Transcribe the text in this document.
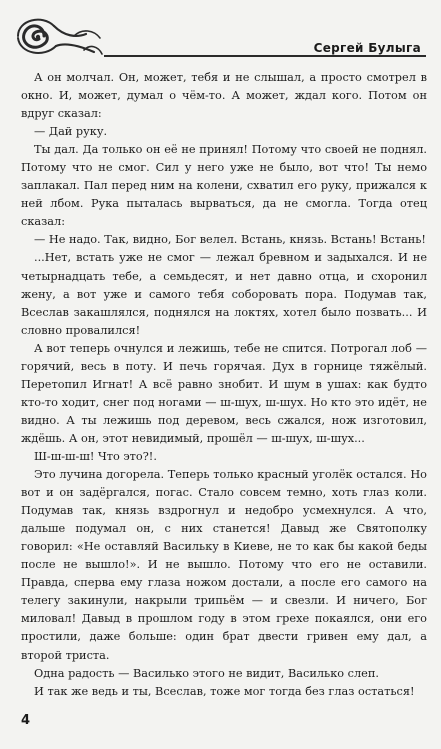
Сергей Булыга

А он молчал. Он, может, тебя и не слышал, а просто смотрел в окно. И, может, думал о чём-то. А может, ждал кого. Потом он вдруг сказал:

— Дай руку.

Ты дал. Да только он её не принял! Потому что своей не поднял. Потому что не смог. Сил у него уже не было, вот что! Ты немо заплакал. Пал перед ним на колени, схватил его руку, прижался к ней лбом. Рука пыталась вырваться, да не смогла. Тогда отец сказал:

— Не надо. Так, видно, Бог велел. Встань, князь. Встань! Встань!

...Нет, встать уже не смог — лежал бревном и задыхался. И не четырнадцать тебе, а семьдесят, и нет давно отца, и схоронил жену, а вот уже и самого тебя соборовать пора. Подумав так, Всеслав закашлялся, поднялся на локтях, хотел было позвать... И словно провалился!

А вот теперь очнулся и лежишь, тебе не спится. Потрогал лоб — горячий, весь в поту. И печь горячая. Дух в горнице тяжёлый. Перетопил Игнат! А всё равно знобит. И шум в ушах: как будто кто-то ходит, снег под ногами — ш-шух, ш-шух. Но кто это идёт, не видно. А ты лежишь под деревом, весь сжался, нож изготовил, ждёшь. А он, этот невидимый, прошёл — ш-шух, ш-шух...

Ш-ш-ш-ш! Что это?!.

Это лучина догорела. Теперь только красный уголёк остался. Но вот и он задёргался, погас. Стало совсем темно, хоть глаз коли. Подумав так, князь вздрогнул и недобро усмехнулся. А что, дальше подумал он, с них станется! Давыд же Святополку говорил: «Не оставляй Васильку в Киеве, не то как бы какой беды после не вышло!». И не вышло. Потому что его не оставили. Правда, сперва ему глаза ножом достали, а после его самого на телегу закинули, накрыли трипьём — и свезли. И ничего, Бог миловал! Давыд в прошлом году в этом грехе покаялся, они его простили, даже больше: один брат двести гривен ему дал, а второй триста.

Одна радость — Василько этого не видит, Василько слеп.

И так же ведь и ты, Всеслав, тоже мог тогда без глаз остаться!

4
